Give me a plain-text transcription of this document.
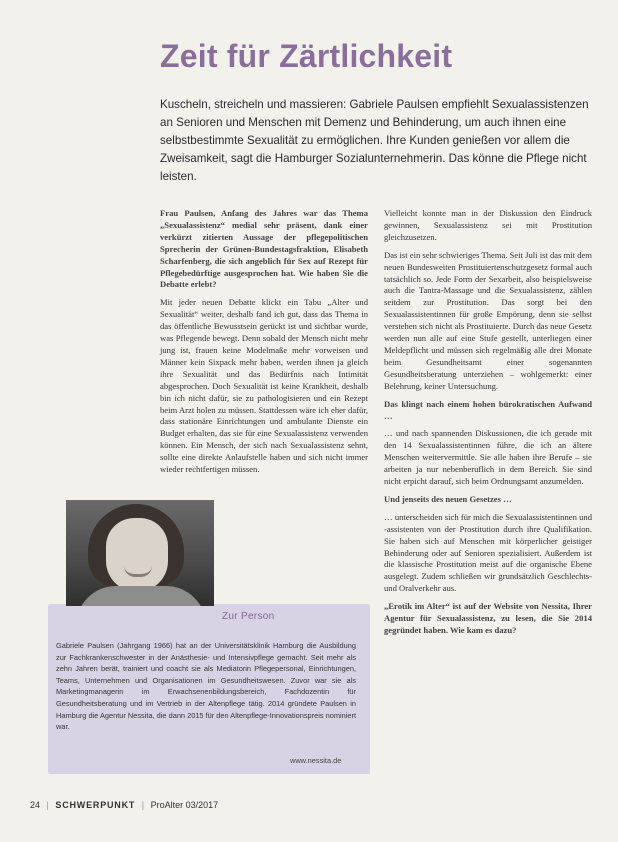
Zeit für Zärtlichkeit

Kuscheln, streicheln und massieren: Gabriele Paulsen empfiehlt Sexualassistenzen an Senioren und Menschen mit Demenz und Behinderung, um auch ihnen eine selbstbestimmte Sexualität zu ermöglichen. Ihre Kunden genießen vor allem die Zweisamkeit, sagt die Hamburger Sozialunternehmerin. Das könne die Pflege nicht leisten.

Frau Paulsen, Anfang des Jahres war das Thema „Sexualassistenz“ medial sehr präsent, dank einer verkürzt zitierten Aussage der pflegepolitischen Sprecherin der Grünen-Bundestagsfraktion, Elisabeth Scharfenberg, die sich angeblich für Sex auf Rezept für Pflegebedürftige ausgesprochen hat. Wie haben Sie die Debatte erlebt?

Mit jeder neuen Debatte klickt ein Tabu „Alter und Sexualität“ weiter, deshalb fand ich gut, dass das Thema in das öffentliche Bewusstsein gerückt ist und sichtbar wurde, was Pflegende bewegt. Denn sobald der Mensch nicht mehr jung ist, frauen keine Modelmaße mehr vorweisen und Männer kein Sixpack mehr haben, werden ihnen ja gleich ihre Sexualität und das Bedürfnis nach Intimität abgesprochen. Doch Sexualität ist keine Krankheit, deshalb bin ich nicht dafür, sie zu pathologisieren und ein Rezept beim Arzt holen zu müssen. Stattdessen wäre ich eher dafür, dass stationäre Einrichtungen und ambulante Dienste ein Budget erhalten, das sie für eine Sexualassistenz verwenden können. Ein Mensch, der sich nach Sexualassistenz sehnt, sollte eine direkte Anlaufstelle haben und sich nicht immer wieder rechtfertigen müssen.

Vielleicht konnte man in der Diskussion den Eindruck gewinnen, Sexualassistenz sei mit Prostitution gleichzusetzen.

Das ist ein sehr schwieriges Thema. Seit Juli ist das mit dem neuen Bundesweiten Prostituiertenschutzgesetz formal auch tatsächlich so. Jede Form der Sexarbeit, also beispielsweise auch die Tantra-Massage und die Sexualassistenz, zählen seitdem zur Prostitution. Das sorgt bei den Sexualassistentinnen für große Empörung, denn sie selbst verstehen sich nicht als Prostituierte. Durch das neue Gesetz werden nun alle auf eine Stufe gestellt, unterliegen einer Meldepflicht und müssen sich regelmäßig alle drei Monate beim Gesundheitsamt einer sogenannten Gesundheitsberatung unterziehen – wohlgemerkt: einer Belehrung, keiner Untersuchung.

Das klingt nach einem hohen bürokratischen Aufwand …

… und nach spannenden Diskussionen, die ich gerade mit den 14 Sexualassistentinnen führe, die ich an ältere Menschen weitervermittle. Sie alle haben ihre Berufe – sie arbeiten ja nur nebenberuflich in dem Bereich. Sie sind nicht erpicht darauf, sich beim Ordnungsamt anzumelden.

Und jenseits des neuen Gesetzes …

… unterscheiden sich für mich die Sexualassistentinnen und -assistenten von der Prostitution durch ihre Qualifikation. Sie haben sich auf Menschen mit körperlicher geistiger Behinderung oder auf Senioren spezialisiert. Außerdem ist die klassische Prostitution meist auf die organische Ebene ausgelegt. Zudem schließen wir grundsätzlich Geschlechts- und Oralverkehr aus.

„Erotik im Alter“ ist auf der Website von Nessita, Ihrer Agentur für Sexualassistenz, zu lesen, die Sie 2014 gegründet haben. Wie kam es dazu?

Zur Person

Gabriele Paulsen (Jahrgang 1966) hat an der Universitätsklinik Hamburg die Ausbildung zur Fachkrankenschwester in der Anästhesie- und Intensivpflege gemacht. Seit mehr als zehn Jahren berät, trainiert und coacht sie als Mediatorin Pflegepersonal, Einrichtungen, Teams, Unternehmen und Organisationen im Gesundheitswesen. Zuvor war sie als Marketingmanagerin im Erwachsenenbildungsbereich, Fachdozentin für Gesundheitsberatung und im Vertrieb in der Altenpflege tätig. 2014 gründete Paulsen in Hamburg die Agentur Nessita, die dann 2015 für den Altenpflege-Innovationspreis nominiert war.

www.nessita.de

24 | SCHWERPUNKT | ProAlter 03/2017
